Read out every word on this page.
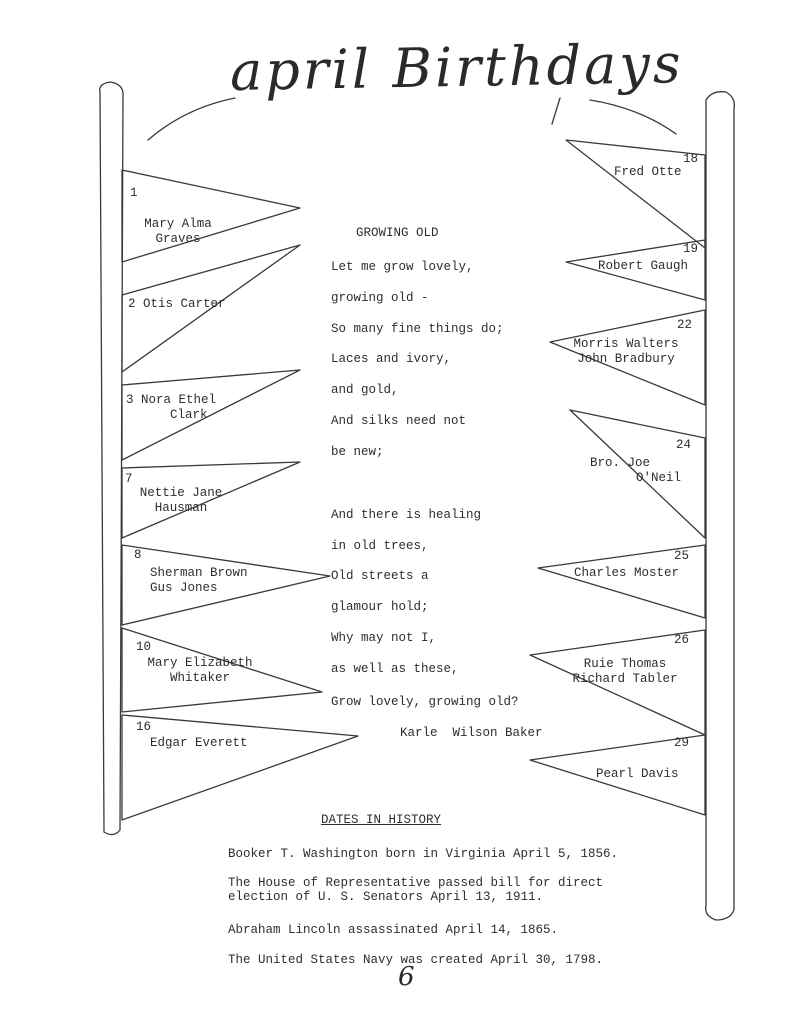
april Birthdays
1
Mary Alma
Graves
2 Otis Carter
3 Nora Ethel
Clark
7
Nettie Jane
Hausman
8
Sherman Brown
Gus Jones
10
Mary Elizabeth
Whitaker
16
Edgar Everett
18
Fred Otte
19
Robert Gaugh
22
Morris Walters
John Bradbury
24
Bro. Joe
O'Neil
25
Charles Moster
26
Ruie Thomas
Richard Tabler
29
Pearl Davis
GROWING OLD
Let me grow lovely,
growing old -
So many fine things do;
Laces and ivory,
and gold,
And silks need not
be new;
And there is healing
in old trees,
Old streets a
glamour hold;
Why may not I,
as well as these,
Grow lovely, growing old?
Karle  Wilson Baker
DATES IN HISTORY
Booker T. Washington born in Virginia April 5, 1856.
The House of Representative passed bill for direct
election of U. S. Senators April 13, 1911.
Abraham Lincoln assassinated April 14, 1865.
The United States Navy was created April 30, 1798.
6
